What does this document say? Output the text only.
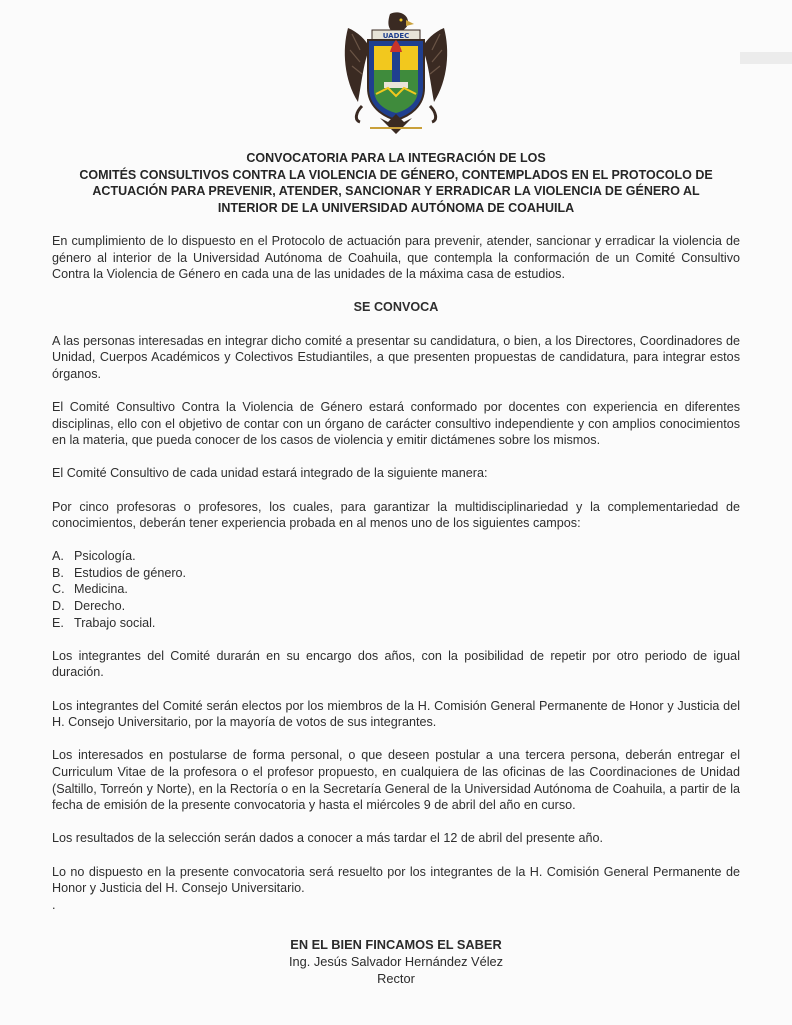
UADEC
CONVOCATORIA PARA LA INTEGRACIÓN DE LOS
COMITÉS CONSULTIVOS CONTRA LA VIOLENCIA DE GÉNERO, CONTEMPLADOS EN EL PROTOCOLO DE
ACTUACIÓN PARA PREVENIR, ATENDER, SANCIONAR Y ERRADICAR LA VIOLENCIA DE GÉNERO AL
INTERIOR DE LA UNIVERSIDAD AUTÓNOMA DE COAHUILA

En cumplimiento de lo dispuesto en el Protocolo de actuación para prevenir, atender, sancionar y erradicar la violencia de género al interior de la Universidad Autónoma de Coahuila, que contempla la conformación de un Comité Consultivo Contra la Violencia de Género en cada una de las unidades de la máxima casa de estudios.

SE CONVOCA

A las personas interesadas en integrar dicho comité a presentar su candidatura, o bien, a los Directores, Coordinadores de Unidad, Cuerpos Académicos y Colectivos Estudiantiles, a que presenten propuestas de candidatura, para integrar estos órganos.

El Comité Consultivo Contra la Violencia de Género estará conformado por docentes con experiencia en diferentes disciplinas, ello con el objetivo de contar con un órgano de carácter consultivo independiente y con amplios conocimientos en la materia, que pueda conocer de los casos de violencia y emitir dictámenes sobre los mismos.

El Comité Consultivo de cada unidad estará integrado de la siguiente manera:

Por cinco profesoras o profesores, los cuales, para garantizar la multidisciplinariedad y la complementariedad de conocimientos, deberán tener experiencia probada en al menos uno de los siguientes campos:

A. Psicología.
B. Estudios de género.
C. Medicina.
D. Derecho.
E. Trabajo social.

Los integrantes del Comité durarán en su encargo dos años, con la posibilidad de repetir por otro periodo de igual duración.

Los integrantes del Comité serán electos por los miembros de la H. Comisión General Permanente de Honor y Justicia del H. Consejo Universitario, por la mayoría de votos de sus integrantes.

Los interesados en postularse de forma personal, o que deseen postular a una tercera persona, deberán entregar el Curriculum Vitae de la profesora o el profesor propuesto, en cualquiera de las oficinas de las Coordinaciones de Unidad (Saltillo, Torreón y Norte), en la Rectoría o en la Secretaría General de la Universidad Autónoma de Coahuila, a partir de la fecha de emisión de la presente convocatoria y hasta el miércoles 9 de abril del año en curso.

Los resultados de la selección serán dados a conocer a más tardar el 12 de abril del presente año.

Lo no dispuesto en la presente convocatoria será resuelto por los integrantes de la H. Comisión General Permanente de Honor y Justicia del H. Consejo Universitario.

.

EN EL BIEN FINCAMOS EL SABER
Ing. Jesús Salvador Hernández Vélez
Rector
